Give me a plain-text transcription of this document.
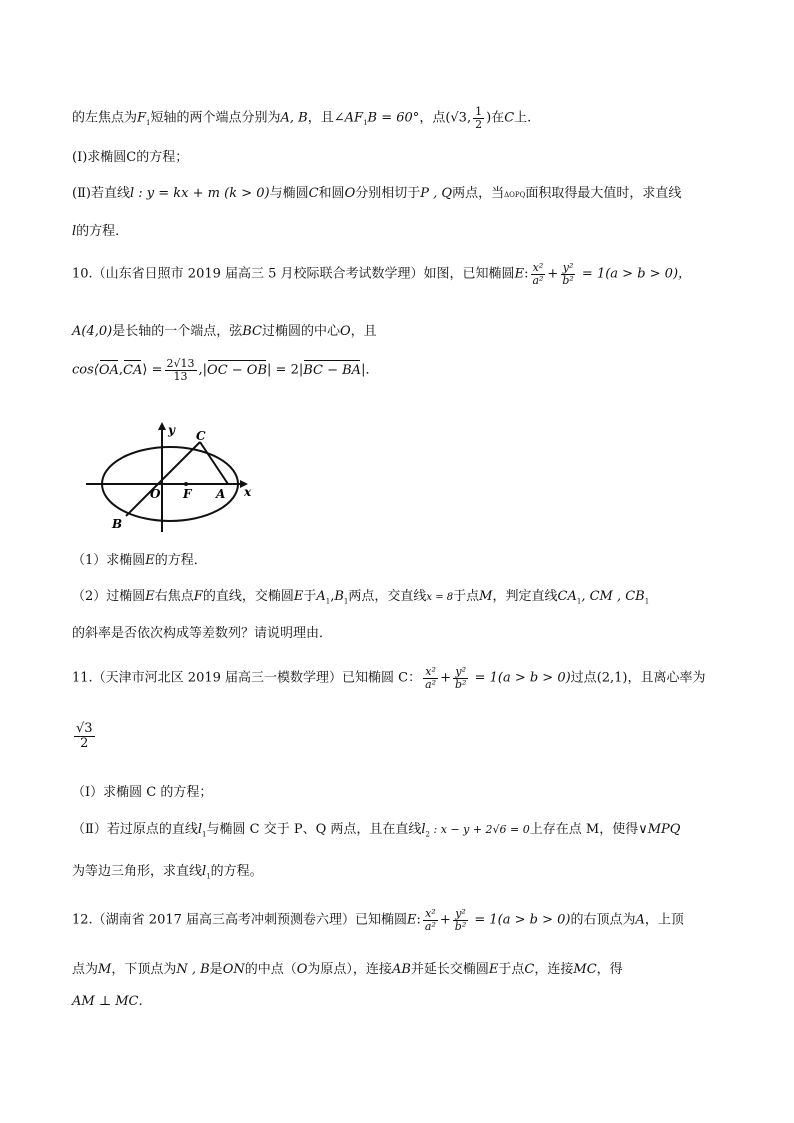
的左焦点为$F_1$短轴的两个端点分别为A, B，且$\angle AF_1B = 60^\circ$，点(√3, $\frac{1}{2}$ )在C上.
(Ⅰ)求椭圆C的方程；
(Ⅱ)若直线l : y = kx + m (k > 0)与椭圆C和圆O分别相切于P , Q两点，当ΔOPQ面积取得最大值时，求直线
l的方程.
10.（山东省日照市 2019 届高三 5 月校际联合考试数学理）如图，已知椭圆E: $\frac{\text{x²}}{\text{a²}} + \frac{\text{y²}}{\text{b²}} = 1(a > b > 0)$，
A(4,0)是长轴的一个端点，弦BC过椭圆的中心O，且
cos⟨OA,CA⟩ = $\frac{2√13}{13} ,|OC - OB| = 2|BC - BA|$．
y
x
C
O F A
B
（1）求椭圆E的方程．
（2）过椭圆E右焦点F的直线，交椭圆E于$A_1,B_1$两点，交直线x = 8于点M，判定直线$CA_1$, CM , $CB_1$
的斜率是否依次构成等差数列？请说明理由．
11.（天津市河北区 2019 届高三一模数学理）已知椭圆 C： $\frac{\text{x²}}{\text{a²}} + \frac{\text{y²}}{\text{b²}} = 1(a > b > 0)$过点(2,1)，且离心率为
$\frac{√3}{2}$
（Ⅰ）求椭圆 C 的方程；
（Ⅱ）若过原点的直线$l_1$与椭圆 C 交于 P、Q 两点，且在直线$l_2$ : x − y + 2√6 = 0上存在点 M，使得∨MPQ
为等边三角形，求直线$l_1$的方程。
12.（湖南省 2017 届高三高考冲刺预测卷六理）已知椭圆E: $\frac{\text{x²}}{\text{a²}} + \frac{\text{y²}}{\text{b²}} = 1(a > b > 0)$的右顶点为A，上顶
点为M，下顶点为N , B是ON的中点（O为原点），连接AB并延长交椭圆E于点C，连接MC，得
AM ⊥ MC.
